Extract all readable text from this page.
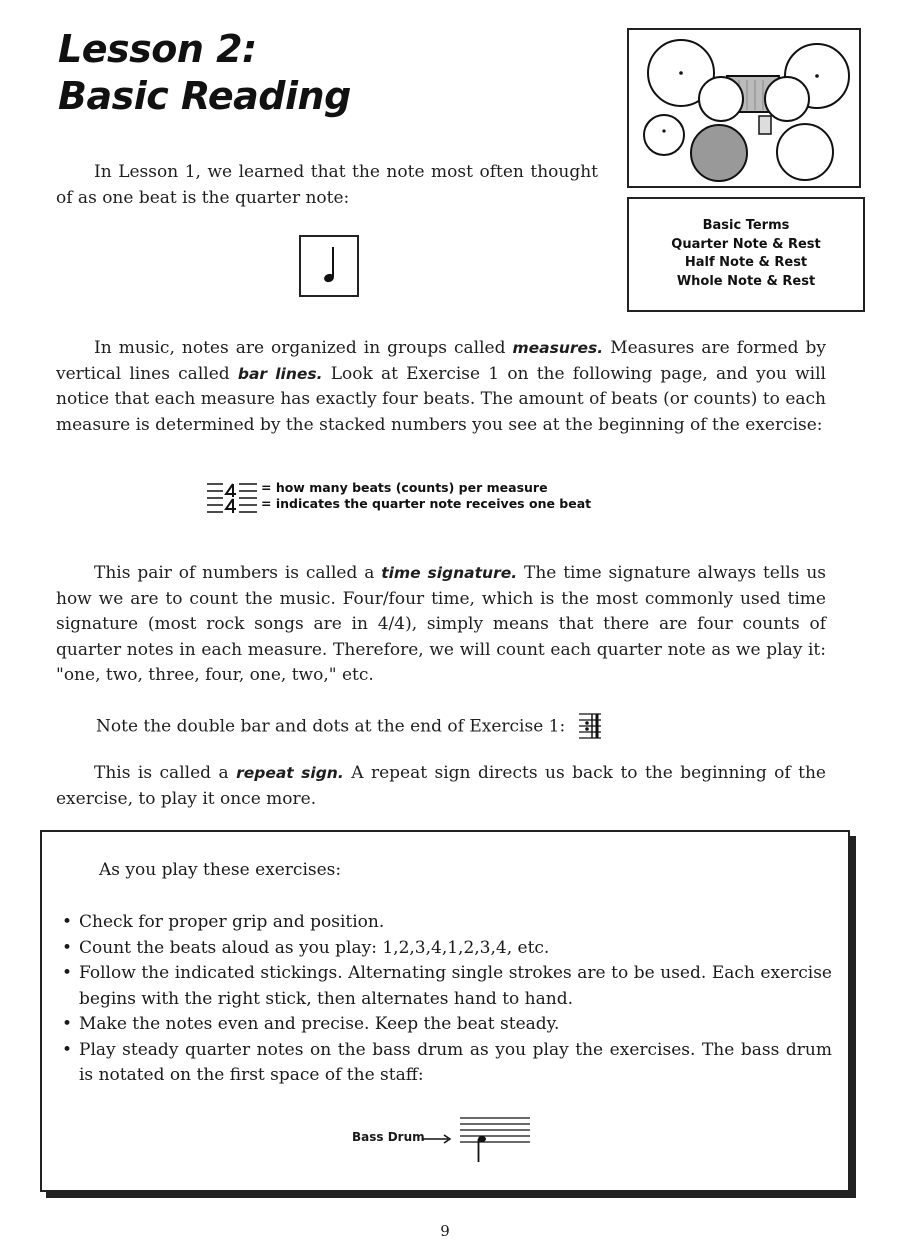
Lesson 2:
Basic Reading
Basic Terms
Quarter Note & Rest
Half Note & Rest
Whole Note & Rest

In Lesson 1, we learned that the note most often thought of as one beat is the quarter note:

In music, notes are organized in groups called measures. Measures are formed by vertical lines called bar lines. Look at Exercise 1 on the following page, and you will notice that each measure has exactly four beats. The amount of beats (or counts) to each measure is determined by the stacked numbers you see at the beginning of the exercise:

= how many beats (counts) per measure
= indicates the quarter note receives one beat

This pair of numbers is called a time signature. The time signature always tells us how we are to count the music. Four/four time, which is the most commonly used time signature (most rock songs are in 4/4), simply means that there are four counts of quarter notes in each measure. Therefore, we will count each quarter note as we play it: "one, two, three, four, one, two," etc.

Note the double bar and dots at the end of Exercise 1:

This is called a repeat sign. A repeat sign directs us back to the beginning of the exercise, to play it once more.

As you play these exercises:
• Check for proper grip and position.
• Count the beats aloud as you play: 1,2,3,4,1,2,3,4, etc.
• Follow the indicated stickings. Alternating single strokes are to be used. Each exercise begins with the right stick, then alternates hand to hand.
• Make the notes even and precise. Keep the beat steady.
• Play steady quarter notes on the bass drum as you play the exercises. The bass drum is notated on the first space of the staff:
Bass Drum
9
